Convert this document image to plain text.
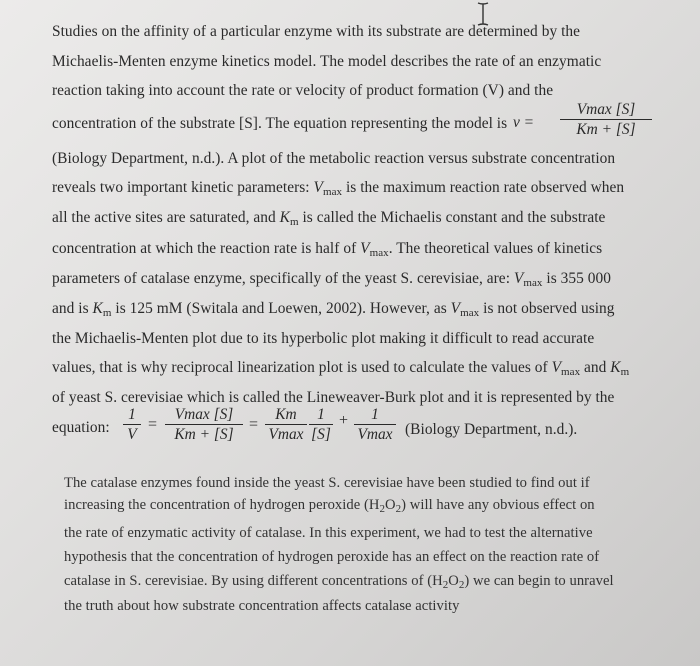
Studies on the affinity of a particular enzyme with its substrate are determined by the
Michaelis-Menten enzyme kinetics model. The model describes the rate of an enzymatic
reaction taking into account the rate or velocity of product formation (V) and the
concentration of the substrate [S]. The equation representing the model is v =
Vmax [S]
Km + [S]
(Biology Department, n.d.). A plot of the metabolic reaction versus substrate concentration
reveals two important kinetic parameters: $V_{max}$ is the maximum reaction rate observed when
all the active sites are saturated, and $K_m$ is called the Michaelis constant and the substrate
concentration at which the reaction rate is half of $V_{max}$. The theoretical values of kinetics
parameters of catalase enzyme, specifically of the yeast S. cerevisiae, are: $V_{max}$ is 355 000
and is $K_m$ is 125 mM (Switala and Loewen, 2002). However, as $V_{max}$ is not observed using
the Michaelis-Menten plot due to its hyperbolic plot making it difficult to read accurate
values, that is why reciprocal linearization plot is used to calculate the values of $V_{max}$ and $K_m$
of yeast S. cerevisiae which is called the Lineweaver-Burk plot and it is represented by the
equation: $\frac{1}{V}$ =
Vmax [S]
Km + [S]
=
Km
Vmax $\frac{1}{[S]}$ +	1
Vmax (Biology Department, n.d.).
The catalase enzymes found inside the yeast S. cerevisiae have been studied to find out if
increasing the concentration of hydrogen peroxide $(H_2O_2)$ will have any obvious effect on
the rate of enzymatic activity of catalase. In this experiment, we had to test the alternative
hypothesis that the concentration of hydrogen peroxide has an effect on the reaction rate of
catalase in S. cerevisiae. By using different concentrations of $(H_2O_2)$ we can begin to unravel
the truth about how substrate concentration affects catalase activity
